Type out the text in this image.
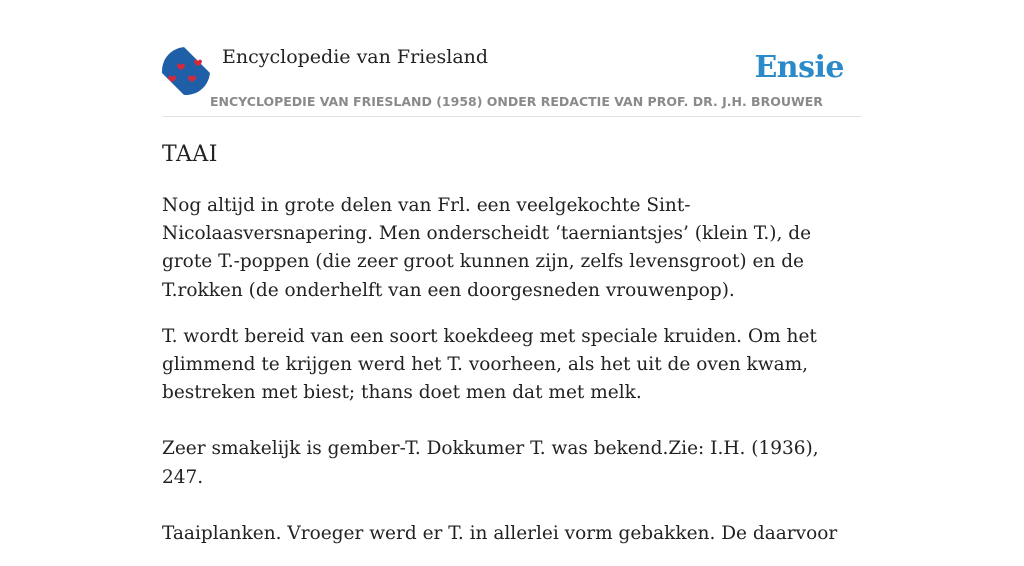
Encyclopedie van Friesland
ENCYCLOPEDIE VAN FRIESLAND (1958) ONDER REDACTIE VAN PROF. DR. J.H. BROUWER
Ensie
TAAI

Nog altijd in grote delen van Frl. een veelgekochte Sint-Nicolaasversnapering. Men onderscheidt ‘taerniantsjes’ (klein T.), de grote T.-poppen (die zeer groot kunnen zijn, zelfs levensgroot) en de T.rokken (de onderhelft van een doorgesneden vrouwenpop).

T. wordt bereid van een soort koekdeeg met speciale kruiden. Om het glimmend te krijgen werd het T. voorheen, als het uit de oven kwam, bestreken met biest; thans doet men dat met melk.

Zeer smakelijk is gember-T. Dokkumer T. was bekend.Zie: I.H. (1936), 247.

Taaiplanken. Vroeger werd er T. in allerlei vorm gebakken. De daarvoor
